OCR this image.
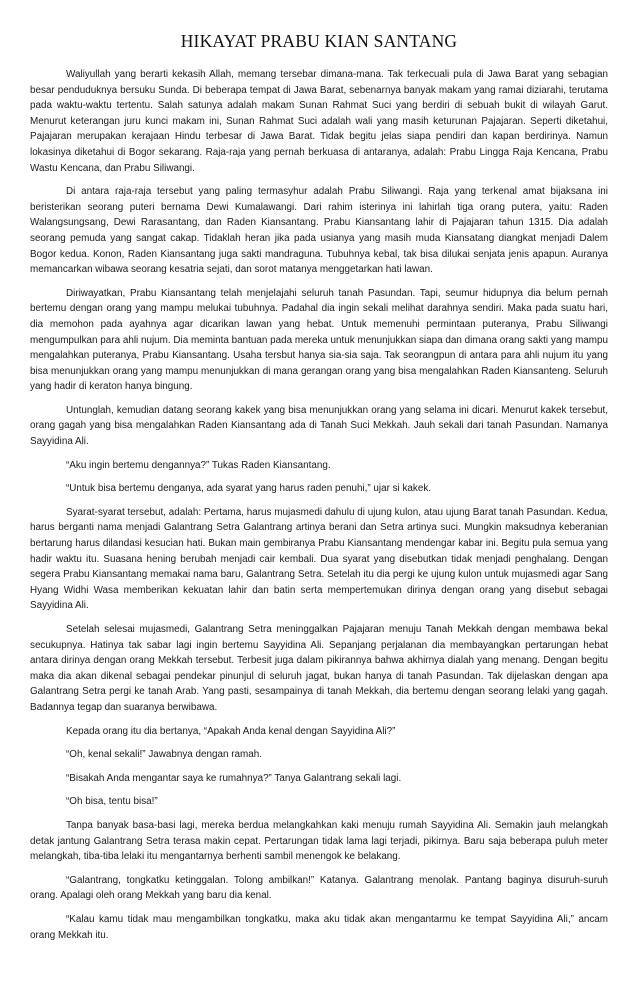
HIKAYAT PRABU KIAN SANTANG

Waliyullah yang berarti kekasih Allah, memang tersebar dimana-mana. Tak terkecuali pula di Jawa Barat yang sebagian besar penduduknya bersuku Sunda. Di beberapa tempat di Jawa Barat, sebenarnya banyak makam yang ramai diziarahi, terutama pada waktu-waktu tertentu. Salah satunya adalah makam Sunan Rahmat Suci yang berdiri di sebuah bukit di wilayah Garut. Menurut keterangan juru kunci makam ini, Sunan Rahmat Suci adalah wali yang masih keturunan Pajajaran. Seperti diketahui, Pajajaran merupakan kerajaan Hindu terbesar di Jawa Barat. Tidak begitu jelas siapa pendiri dan kapan berdirinya. Namun lokasinya diketahui di Bogor sekarang. Raja-raja yang pernah berkuasa di antaranya, adalah: Prabu Lingga Raja Kencana, Prabu Wastu Kencana, dan Prabu Siliwangi.

Di antara raja-raja tersebut yang paling termasyhur adalah Prabu Siliwangi. Raja yang terkenal amat bijaksana ini beristerikan seorang puteri bernama Dewi Kumalawangi. Dari rahim isterinya ini lahirlah tiga orang putera, yaitu: Raden Walangsungsang, Dewi Rarasantang, dan Raden Kiansantang. Prabu Kiansantang lahir di Pajajaran tahun 1315. Dia adalah seorang pemuda yang sangat cakap. Tidaklah heran jika pada usianya yang masih muda Kiansatang diangkat menjadi Dalem Bogor kedua. Konon, Raden Kiansantang juga sakti mandraguna. Tubuhnya kebal, tak bisa dilukai senjata jenis apapun. Auranya memancarkan wibawa seorang kesatria sejati, dan sorot matanya menggetarkan hati lawan.

Diriwayatkan, Prabu Kiansantang telah menjelajahi seluruh tanah Pasundan. Tapi, seumur hidupnya dia belum pernah bertemu dengan orang yang mampu melukai tubuhnya. Padahal dia ingin sekali melihat darahnya sendiri. Maka pada suatu hari, dia memohon pada ayahnya agar dicarikan lawan yang hebat. Untuk memenuhi permintaan puteranya, Prabu Siliwangi mengumpulkan para ahli nujum. Dia meminta bantuan pada mereka untuk menunjukkan siapa dan dimana orang sakti yang mampu mengalahkan puteranya, Prabu Kiansantang. Usaha tersbut hanya sia-sia saja. Tak seorangpun di antara para ahli nujum itu yang bisa menunjukkan orang yang mampu menunjukkan di mana gerangan orang yang bisa mengalahkan Raden Kiansanteng. Seluruh yang hadir di keraton hanya bingung.

Untunglah, kemudian datang seorang kakek yang bisa menunjukkan orang yang selama ini dicari. Menurut kakek tersebut, orang gagah yang bisa mengalahkan Raden Kiansantang ada di Tanah Suci Mekkah. Jauh sekali dari tanah Pasundan. Namanya Sayyidina Ali.

“Aku ingin bertemu dengannya?” Tukas Raden Kiansantang.

“Untuk bisa bertemu denganya, ada syarat yang harus raden penuhi,” ujar si kakek.

Syarat-syarat tersebut, adalah: Pertama, harus mujasmedi dahulu di ujung kulon, atau ujung Barat tanah Pasundan. Kedua, harus berganti nama menjadi Galantrang Setra Galantrang artinya berani dan Setra artinya suci. Mungkin maksudnya keberanian bertarung harus dilandasi kesucian hati. Bukan main gembiranya Prabu Kiansantang mendengar kabar ini. Begitu pula semua yang hadir waktu itu. Suasana hening berubah menjadi cair kembali. Dua syarat yang disebutkan tidak menjadi penghalang. Dengan segera Prabu Kiansantang memakai nama baru, Galantrang Setra. Setelah itu dia pergi ke ujung kulon untuk mujasmedi agar Sang Hyang Widhi Wasa memberikan kekuatan lahir dan batin serta mempertemukan dirinya dengan orang yang disebut sebagai Sayyidina Ali.

Setelah selesai mujasmedi, Galantrang Setra meninggalkan Pajajaran menuju Tanah Mekkah dengan membawa bekal secukupnya. Hatinya tak sabar lagi ingin bertemu Sayyidina Ali. Sepanjang perjalanan dia membayangkan pertarungan hebat antara dirinya dengan orang Mekkah tersebut. Terbesit juga dalam pikirannya bahwa akhirnya dialah yang menang. Dengan begitu maka dia akan dikenal sebagai pendekar pinunjul di seluruh jagat, bukan hanya di tanah Pasundan. Tak dijelaskan dengan apa Galantrang Setra pergi ke tanah Arab. Yang pasti, sesampainya di tanah Mekkah, dia bertemu dengan seorang lelaki yang gagah. Badannya tegap dan suaranya berwibawa.

Kepada orang itu dia bertanya, “Apakah Anda kenal dengan Sayyidina Ali?”

“Oh, kenal sekali!” Jawabnya dengan ramah.

“Bisakah Anda mengantar saya ke rumahnya?” Tanya Galantrang sekali lagi.

“Oh bisa, tentu bisa!”

Tanpa banyak basa-basi lagi, mereka berdua melangkahkan kaki menuju rumah Sayyidina Ali. Semakin jauh melangkah detak jantung Galantrang Setra terasa makin cepat. Pertarungan tidak lama lagi terjadi, pikirnya. Baru saja beberapa puluh meter melangkah, tiba-tiba lelaki itu mengantarnya berhenti sambil menengok ke belakang.

“Galantrang, tongkatku ketinggalan. Tolong ambilkan!” Katanya. Galantrang menolak. Pantang baginya disuruh-suruh orang. Apalagi oleh orang Mekkah yang baru dia kenal.

“Kalau kamu tidak mau mengambilkan tongkatku, maka aku tidak akan mengantarmu ke tempat Sayyidina Ali,” ancam orang Mekkah itu.
